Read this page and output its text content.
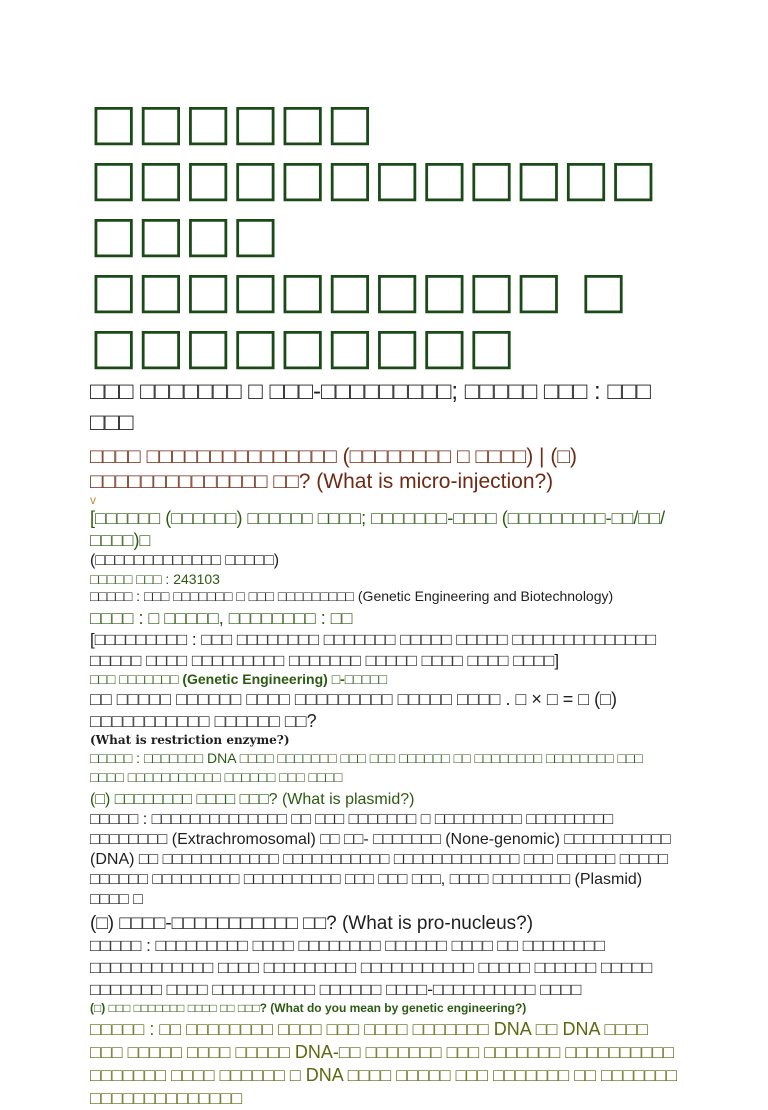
□□□□□□ □□□□□□□□□□□□□□□□ □□□□□□□□□□ □ □□□□□□□□□

□□□ □□□□□□□ □ □□□-□□□□□□□□□; □□□□□ □□□ : □□□ □□□

□□□□ □□□□□□□□□□□□□□□ (□□□□□□□□ □ □□□□) | (□) □□□□□□□□□□□□□□ □□? (What is micro-injection?)

v

[□□□□□□ (□□□□□□) □□□□□□ □□□□; □□□□□□□-□□□□ (□□□□□□□□□-□□/□□/□□□□)□

(□□□□□□□□□□□□□ □□□□□)

□□□□□ □□□ : 243103

□□□□□ : □□□ □□□□□□□ □ □□□ □□□□□□□□□ (Genetic Engineering and Biotechnology)

□□□□ : □ □□□□□, □□□□□□□□ : □□

[□□□□□□□□□ : □□□ □□□□□□□□ □□□□□□□ □□□□□ □□□□□ □□□□□□□□□□□□□□ □□□□□ □□□□ □□□□□□□□□ □□□□□□□ □□□□□ □□□□ □□□□ □□□□]

□□□ □□□□□□□ (Genetic Engineering) □-□□□□□

□□ □□□□□ □□□□□□ □□□□ □□□□□□□□□ □□□□□ □□□□ . □ × □ = □ (□) □□□□□□□□□□□ □□□□□□ □□?

(What is restriction enzyme?)

□□□□□ : □□□□□□□ DNA □□□□ □□□□□□□ □□□ □□□ □□□□□□ □□ □□□□□□□□ □□□□□□□□ □□□ □□□□ □□□□□□□□□□□ □□□□□□ □□□ □□□□

(□) □□□□□□□□ □□□□ □□□? (What is plasmid?)

□□□□□ : □□□□□□□□□□□□□□ □□ □□□ □□□□□□□ □ □□□□□□□□□ □□□□□□□□□ □□□□□□□□ (Extrachromosomal) □□ □□- □□□□□□□ (None-genomic) □□□□□□□□□□□ (DNA) □□ □□□□□□□□□□□□ □□□□□□□□□□□ □□□□□□□□□□□□□ □□□ □□□□□□ □□□□□ □□□□□□ □□□□□□□□□ □□□□□□□□□□ □□□ □□□ □□□, □□□□ □□□□□□□□ (Plasmid) □□□□ □

(□) □□□□-□□□□□□□□□□□ □□? (What is pro-nucleus?)

□□□□□ : □□□□□□□□□ □□□□ □□□□□□□□ □□□□□□ □□□□ □□ □□□□□□□□ □□□□□□□□□□□□ □□□□ □□□□□□□□□ □□□□□□□□□□□ □□□□□ □□□□□□ □□□□□ □□□□□□□ □□□□ □□□□□□□□□□ □□□□□□ □□□□-□□□□□□□□□□ □□□□

(□) □□□ □□□□□□□ □□□□ □□ □□□? (What do you mean by genetic engineering?)

□□□□□ : □□ □□□□□□□□ □□□□ □□□ □□□□ □□□□□□□ DNA □□ DNA □□□□ □□□ □□□□□ □□□□ □□□□□ DNA-□□ □□□□□□□ □□□ □□□□□□□ □□□□□□□□□□ □□□□□□□ □□□□ □□□□□□ □ DNA □□□□ □□□□□ □□□ □□□□□□□ □□ □□□□□□□ □□□□□□□□□□□□□□
